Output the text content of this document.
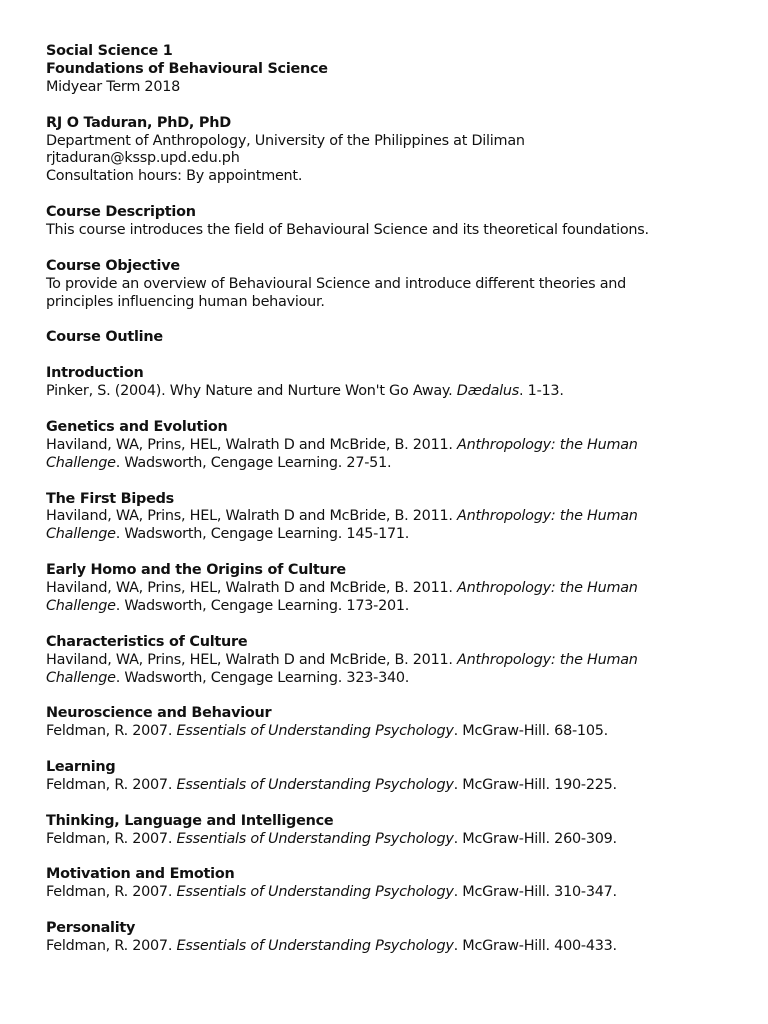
Social Science 1
Foundations of Behavioural Science
Midyear Term 2018
RJ O Taduran, PhD, PhD
Department of Anthropology, University of the Philippines at Diliman
rjtaduran@kssp.upd.edu.ph
Consultation hours: By appointment.
Course Description
This course introduces the field of Behavioural Science and its theoretical foundations.
Course Objective
To provide an overview of Behavioural Science and introduce different theories and
principles influencing human behaviour.
Course Outline
Introduction
Pinker, S. (2004). Why Nature and Nurture Won't Go Away. Dædalus. 1-13.
Genetics and Evolution
Haviland, WA, Prins, HEL, Walrath D and McBride, B. 2011. Anthropology: the Human
Challenge. Wadsworth, Cengage Learning. 27-51.
The First Bipeds
Haviland, WA, Prins, HEL, Walrath D and McBride, B. 2011. Anthropology: the Human
Challenge. Wadsworth, Cengage Learning. 145-171.
Early Homo and the Origins of Culture
Haviland, WA, Prins, HEL, Walrath D and McBride, B. 2011. Anthropology: the Human
Challenge. Wadsworth, Cengage Learning. 173-201.
Characteristics of Culture
Haviland, WA, Prins, HEL, Walrath D and McBride, B. 2011. Anthropology: the Human
Challenge. Wadsworth, Cengage Learning. 323-340.
Neuroscience and Behaviour
Feldman, R. 2007. Essentials of Understanding Psychology. McGraw-Hill. 68-105.
Learning
Feldman, R. 2007. Essentials of Understanding Psychology. McGraw-Hill. 190-225.
Thinking, Language and Intelligence
Feldman, R. 2007. Essentials of Understanding Psychology. McGraw-Hill. 260-309.
Motivation and Emotion
Feldman, R. 2007. Essentials of Understanding Psychology. McGraw-Hill. 310-347.
Personality
Feldman, R. 2007. Essentials of Understanding Psychology. McGraw-Hill. 400-433.
